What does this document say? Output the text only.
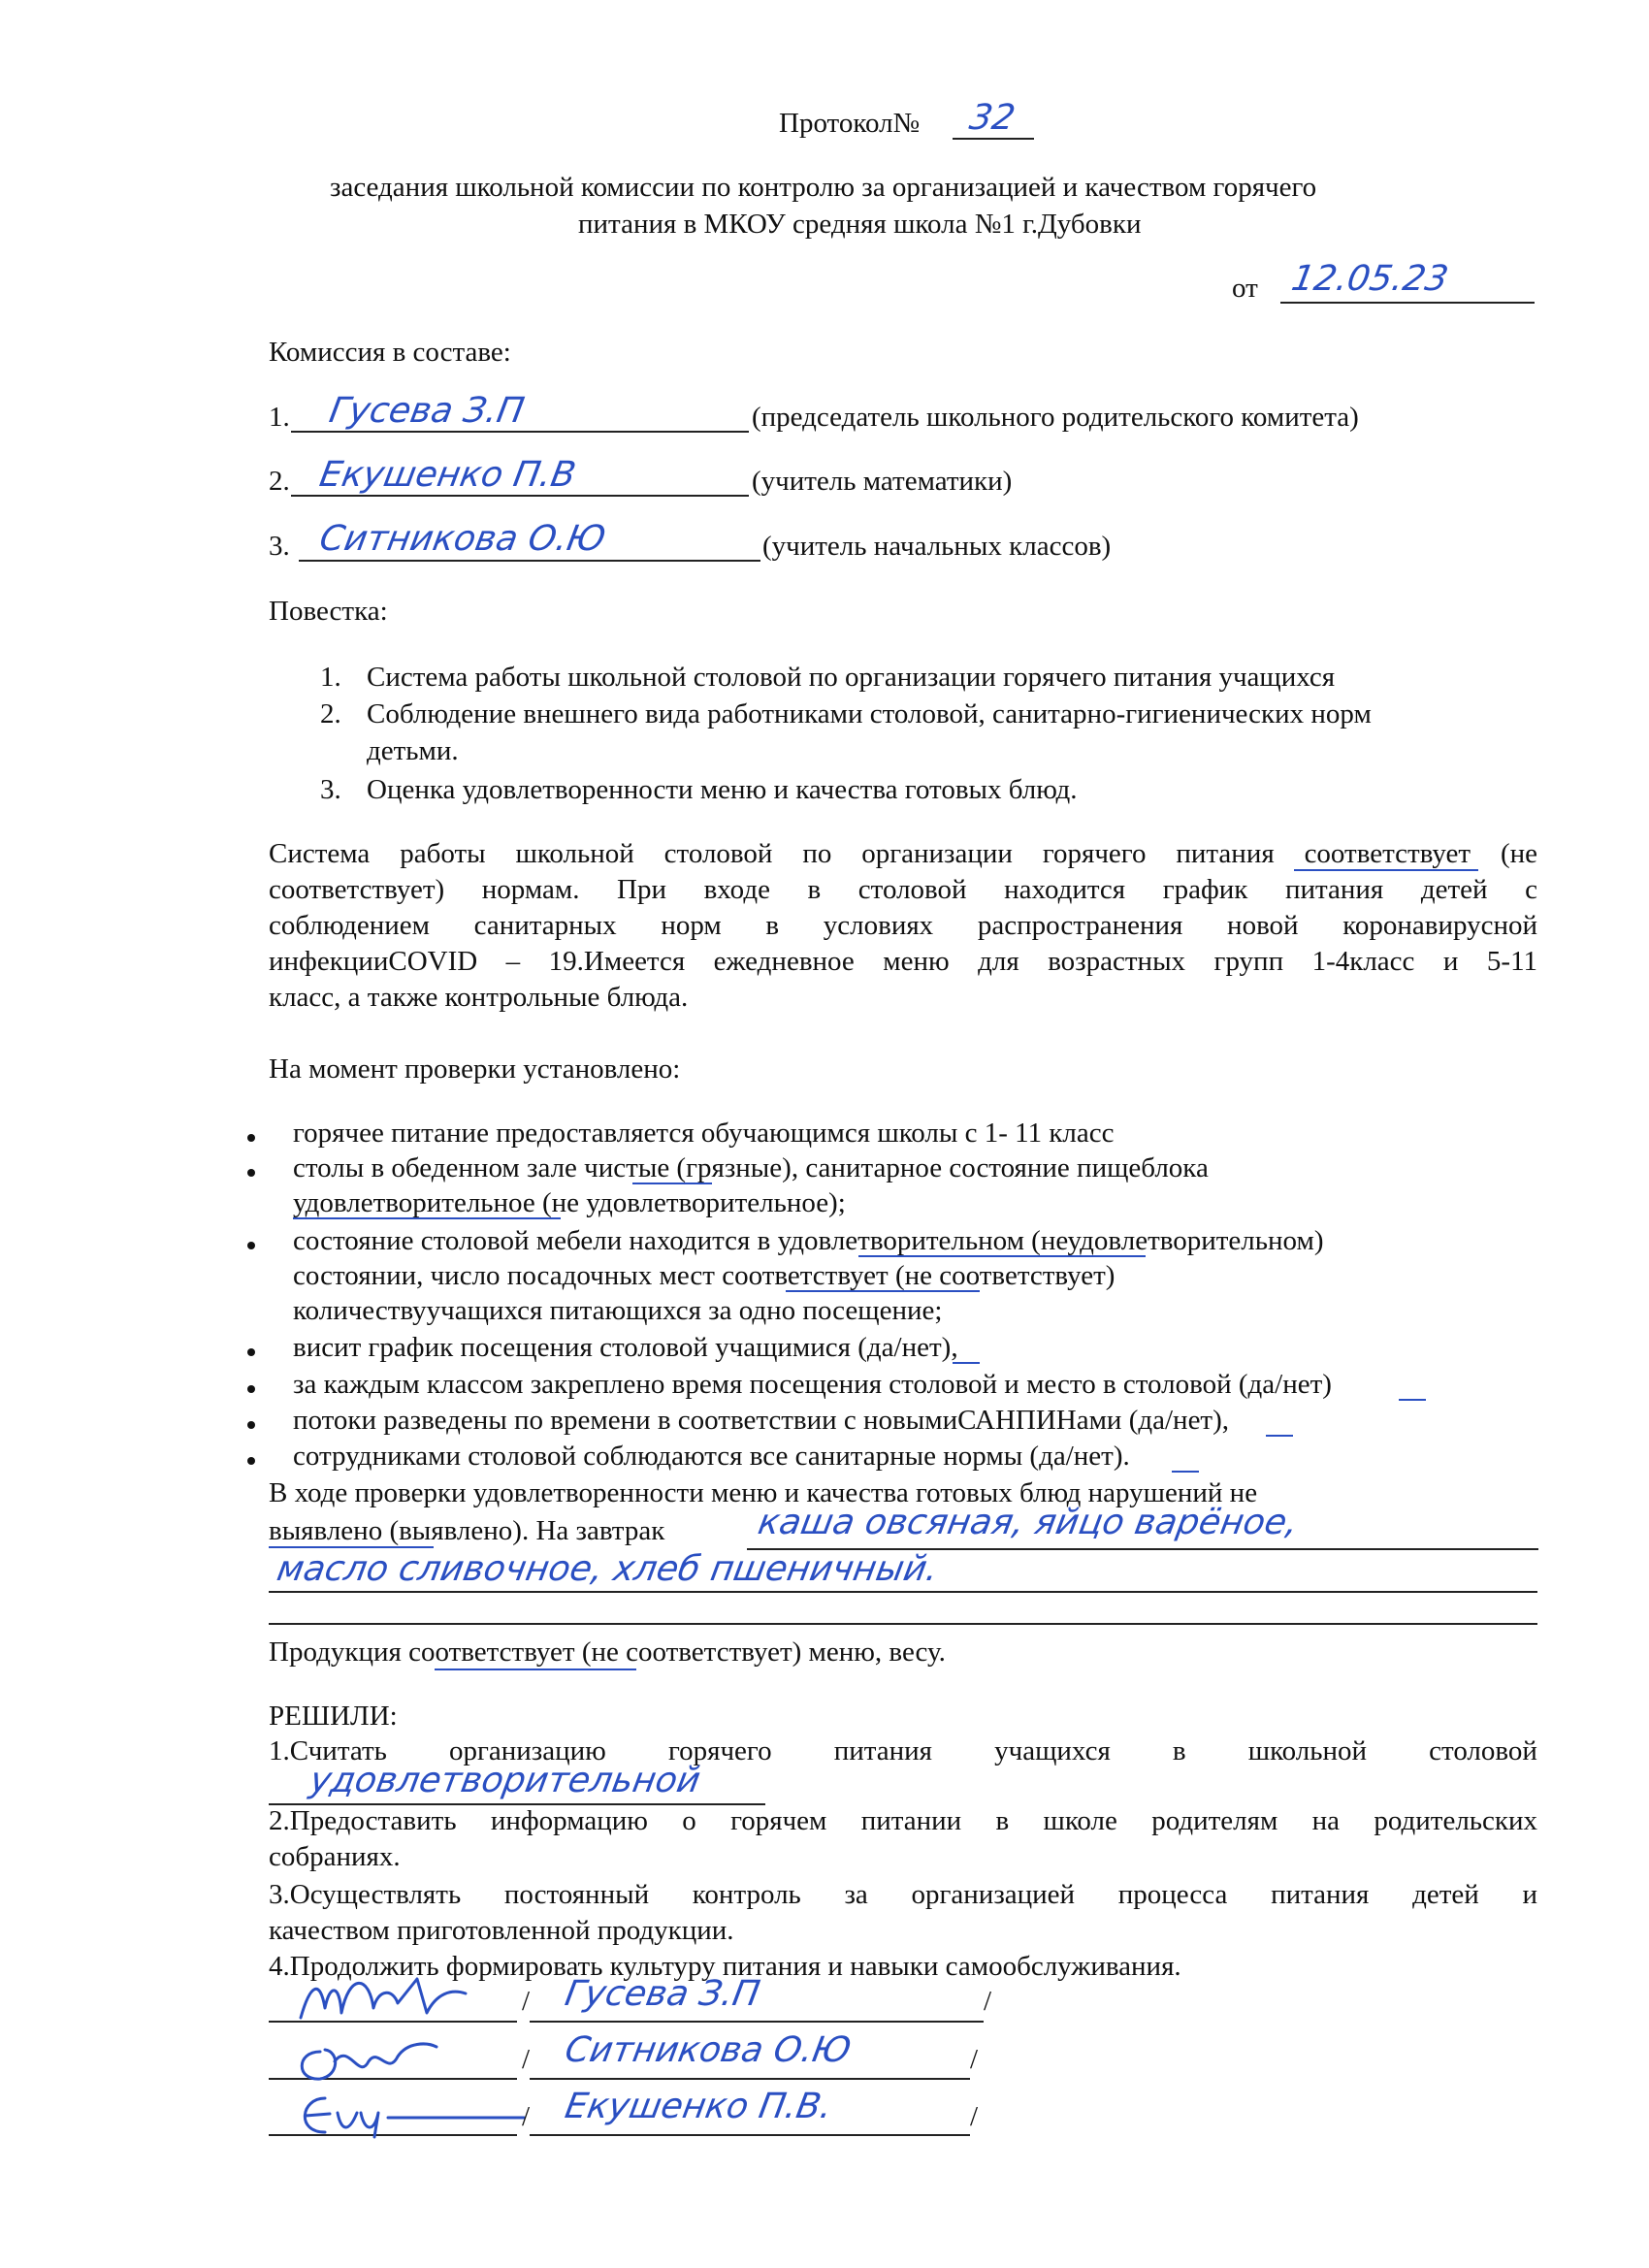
Протокол№ 32
заседания школьной комиссии по контролю за организацией и качеством горячего
питания в МКОУ средняя школа №1 г.Дубовки
от 12.05.23
Комиссия в составе:
1. Гусева З.П	(председатель школьного родительского комитета)
2. Екушенко П.В	(учитель математики)
3. Ситникова О.Ю	(учитель начальных классов)
Повестка:
1. Система работы школьной столовой по организации горячего питания учащихся
2. Соблюдение внешнего вида работниками столовой, санитарно-гигиенических норм
детьми.
3. Оценка удовлетворенности меню и качества готовых блюд.
Система работы школьной столовой по организации горячего питания соответствует (не
соответствует) нормам. При входе в столовой находится график питания детей с
соблюдением санитарных норм в условиях распространения новой коронавирусной
инфекцииCOVID – 19.Имеется ежедневное меню для возрастных групп 1-4класс и 5-11
класс, а также контрольные блюда.
На момент проверки установлено:
горячее питание предоставляется обучающимся школы с 1- 11 класс
столы в обеденном зале чистые (грязные), санитарное состояние пищеблока
удовлетворительное (не удовлетворительное);
состояние столовой мебели находится в удовлетворительном (неудовлетворительном)
состоянии, число посадочных мест соответствует (не соответствует)
количествуучащихся питающихся за одно посещение;
висит график посещения столовой учащимися (да/нет),
за каждым классом закреплено время посещения столовой и место в столовой (да/нет)
потоки разведены по времени в соответствии с новымиСАНПИНами (да/нет),
сотрудниками столовой соблюдаются все санитарные нормы (да/нет).
В ходе проверки удовлетворенности меню и качества готовых блюд нарушений не
выявлено (выявлено). На завтрак	каша овсяная, яйцо варёное,
масло сливочное, хлеб пшеничный.
Продукция соответствует (не соответствует) меню, весу.
РЕШИЛИ:
1.Считать организацию горячего питания учащихся в школьной столовой
удовлетворительной
2.Предоставить информацию о горячем питании в школе родителям на родительских
собраниях.
3.Осуществлять постоянный контроль за организацией процесса питания детей и
качеством приготовленной продукции.
4.Продолжить формировать культуру питания и навыки самообслуживания.
/ Гусева З.П	/
/ Ситникова О.Ю	/
/ Екушенко П.В.	/
